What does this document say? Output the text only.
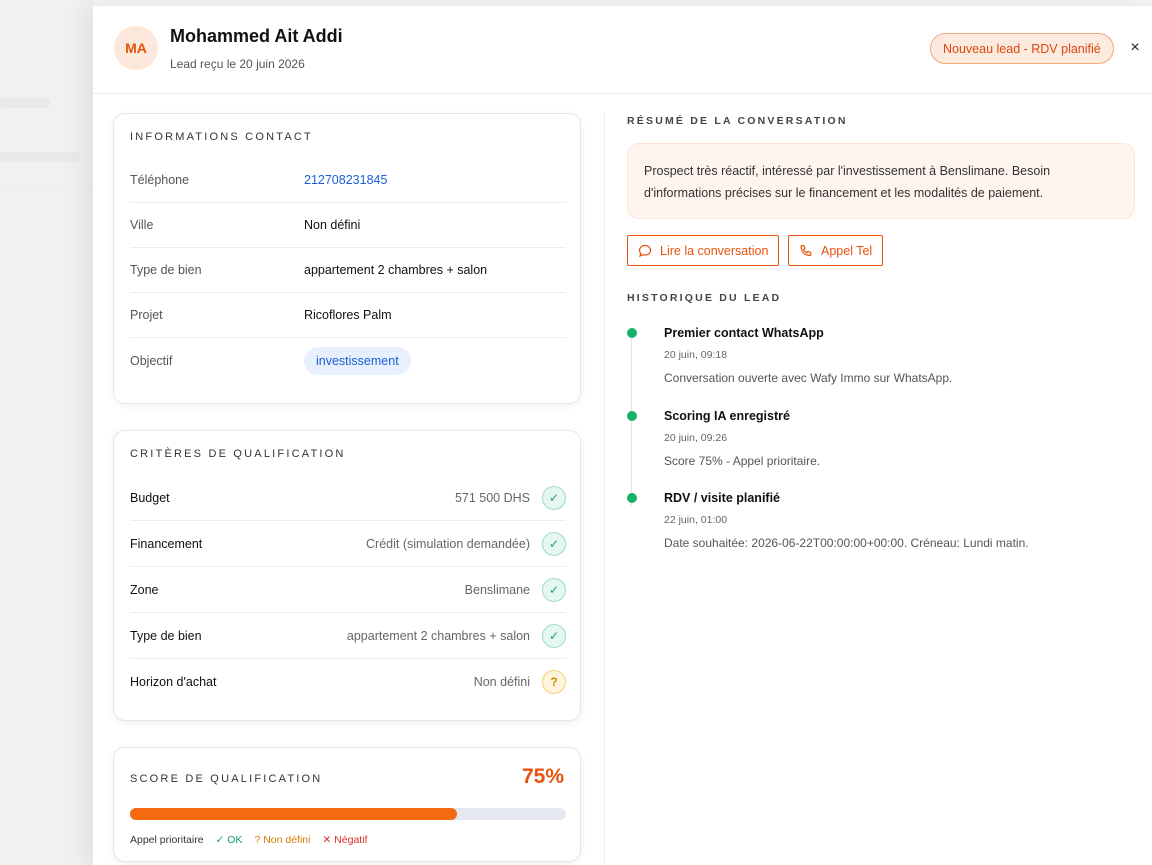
MA
Mohammed Ait Addi
Lead reçu le 20 juin 2026
Nouveau lead - RDV planifié	×
INFORMATIONS CONTACT
Téléphone	212708231845
Ville	Non défini
Type de bien	appartement 2 chambres + salon
Projet	Ricoflores Palm
Objectif	investissement
CRITÈRES DE QUALIFICATION
Budget	571 500 DHS	✓
Financement	Crédit (simulation demandée)	✓
Zone	Benslimane	✓
Type de bien	appartement 2 chambres + salon	✓
Horizon d'achat	Non défini	?
SCORE DE QUALIFICATION	75%
Appel prioritaire ✓ OK ? Non défini ✕ Négatif
RÉSUMÉ DE LA CONVERSATION
Prospect très réactif, intéressé par l'investissement à Benslimane. Besoin d'informations précises sur le financement et les modalités de paiement.
Lire la conversation	Appel Tel
HISTORIQUE DU LEAD
Premier contact WhatsApp
20 juin, 09:18
Conversation ouverte avec Wafy Immo sur WhatsApp.
Scoring IA enregistré
20 juin, 09:26
Score 75% - Appel prioritaire.
RDV / visite planifié
22 juin, 01:00
Date souhaitée: 2026-06-22T00:00:00+00:00. Créneau: Lundi matin.
